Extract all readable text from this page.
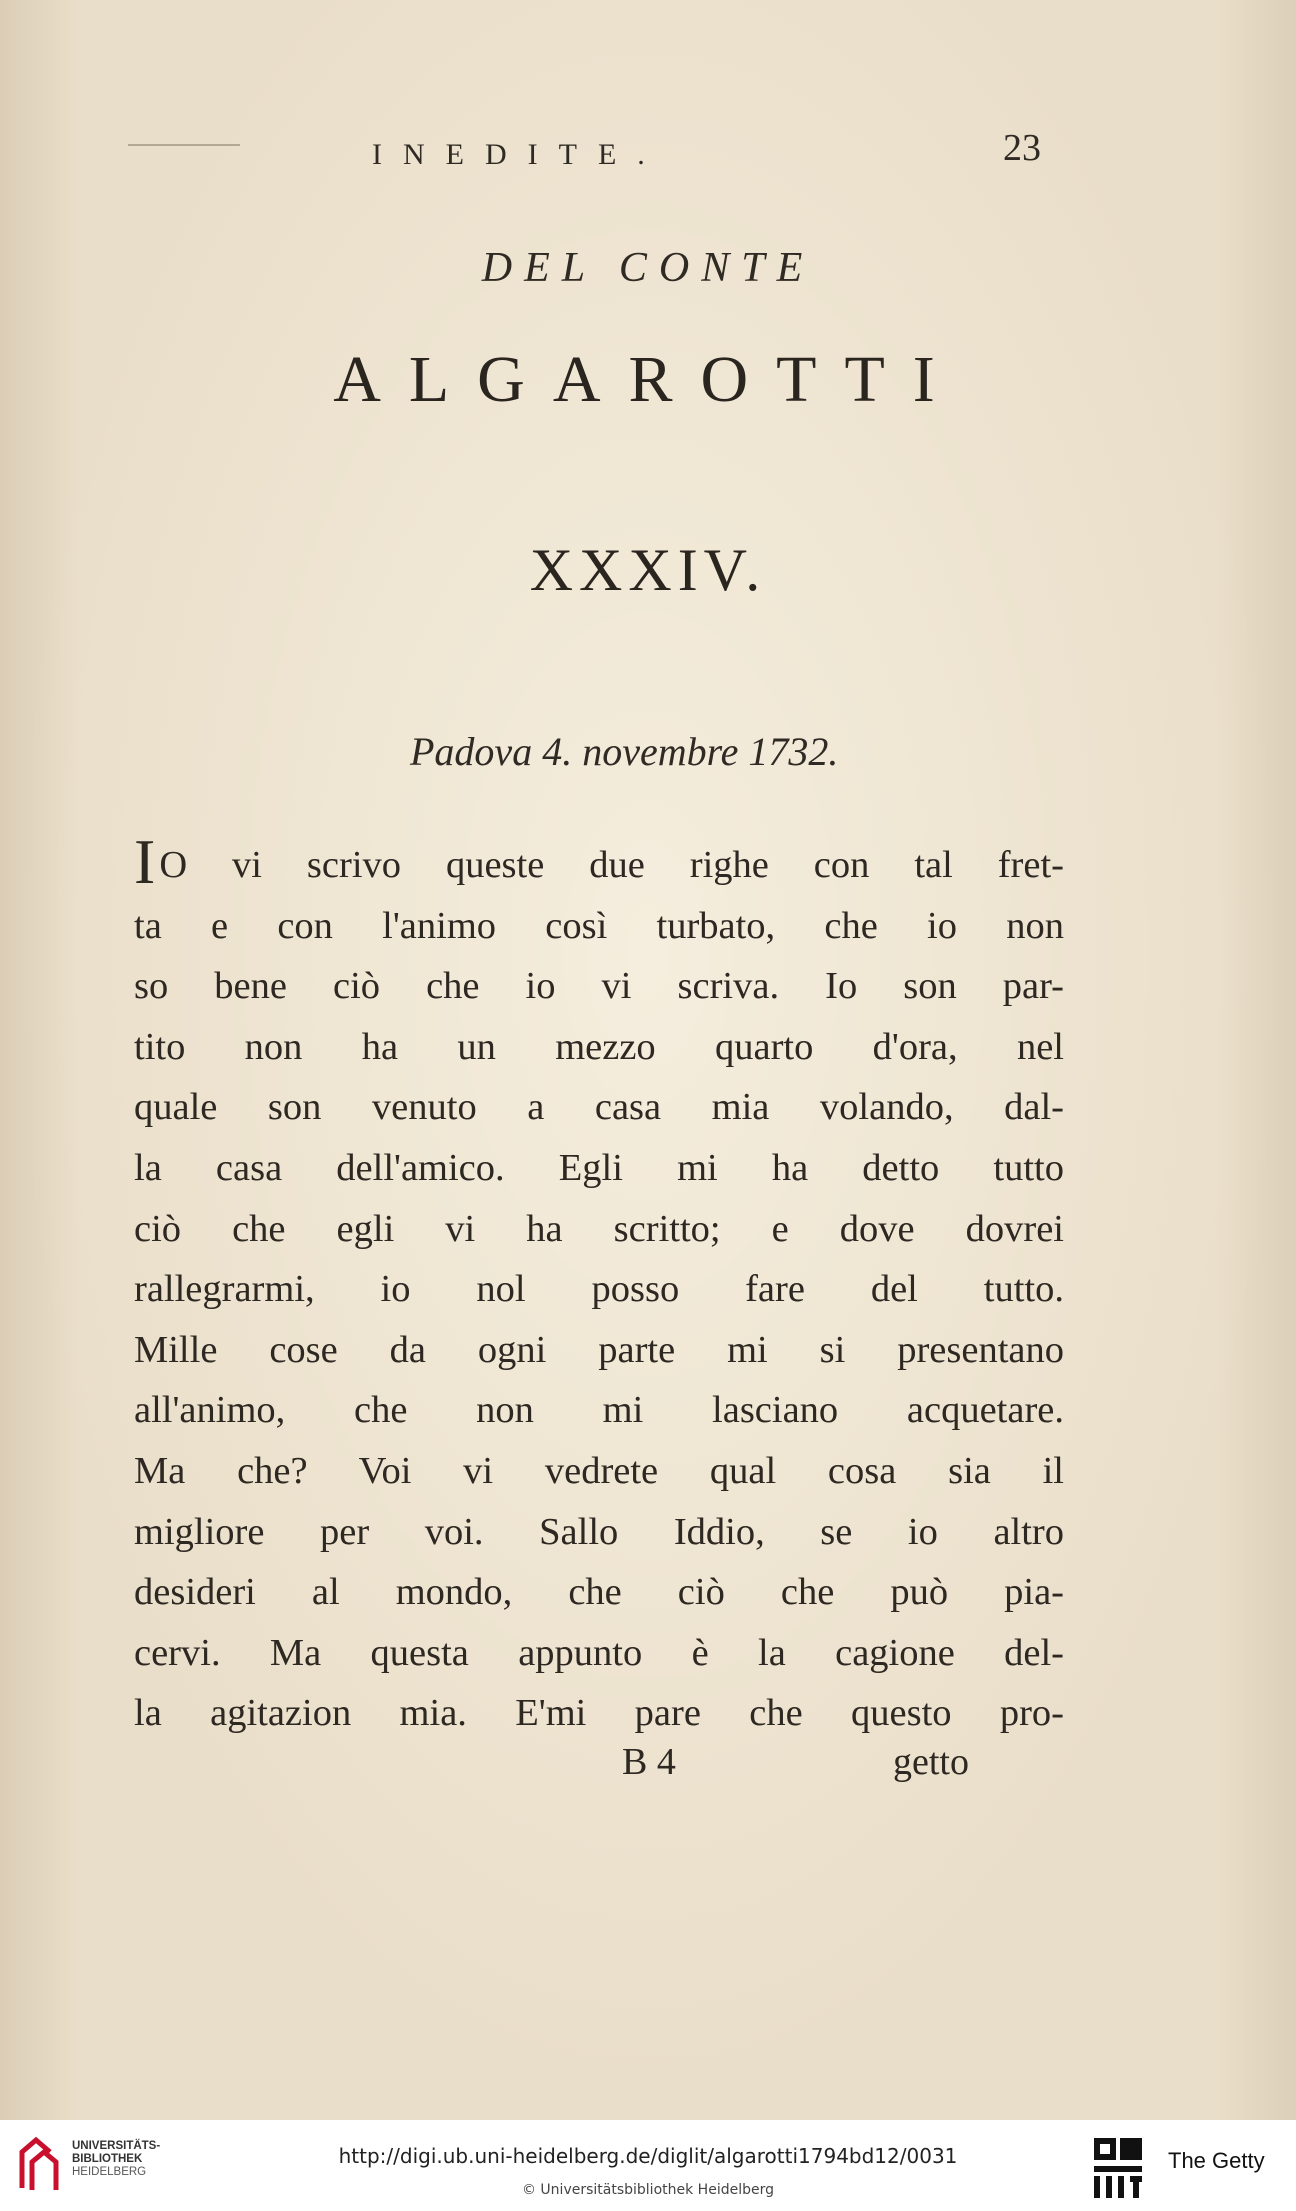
INEDITE.	23
DEL CONTE
ALGAROTTI
XXXIV.
Padova 4. novembre 1732.
I O vi scrivo queste due righe con tal fret-
ta e con l'animo così turbato, che io non
so bene ciò che io vi scriva. Io son par-
tito non ha un mezzo quarto d'ora, nel
quale son venuto a casa mia volando, dal-
la casa dell'amico. Egli mi ha detto tutto
ciò che egli vi ha scritto; e dove dovrei
rallegrarmi, io nol posso fare del tutto.
Mille cose da ogni parte mi si presentano
all'animo, che non mi lasciano acquetare.
Ma che? Voi vi vedrete qual cosa sia il
migliore per voi. Sallo Iddio, se io altro
desideri al mondo, che ciò che può pia-
cervi. Ma questa appunto è la cagione del-
la agitazion mia. E'mi pare che questo pro-
B 4	getto
UNIVERSITÄTS-
BIBLIOTHEK
HEIDELBERG
http://digi.ub.uni-heidelberg.de/diglit/algarotti1794bd12/0031
© Universitätsbibliothek Heidelberg
The Getty
